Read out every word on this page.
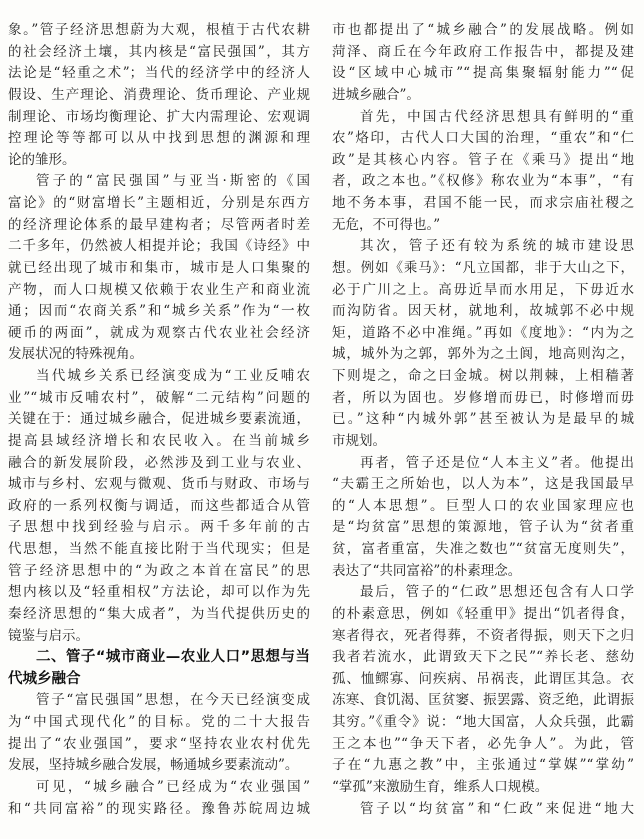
象。”管子经济思想蔚为大观，根植于古代农耕
的社会经济土壤，其内核是“富民强国”，其方
法论是“轻重之术”；当代的经济学中的经济人
假设、生产理论、消费理论、货币理论、产业规
制理论、市场均衡理论、扩大内需理论、宏观调
控理论等等都可以从中找到思想的渊源和理
论的雏形。
管子的“富民强国”与亚当·斯密的《国
富论》的“财富增长”主题相近，分别是东西方
的经济理论体系的最早建构者；尽管两者时差
二千多年，仍然被人相提并论；我国《诗经》中
就已经出现了城市和集市，城市是人口集聚的
产物，而人口规模又依赖于农业生产和商业流
通；因而“农商关系”和“城乡关系”作为“一枚
硬币的两面”，就成为观察古代农业社会经济
发展状况的特殊视角。
当代城乡关系已经演变成为“工业反哺农
业”“城市反哺农村”，破解“二元结构”问题的
关键在于：通过城乡融合，促进城乡要素流通，
提高县域经济增长和农民收入。在当前城乡
融合的新发展阶段，必然涉及到工业与农业、
城市与乡村、宏观与微观、货币与财政、市场与
政府的一系列权衡与调适，而这些都适合从管
子思想中找到经验与启示。两千多年前的古
代思想，当然不能直接比附于当代现实；但是
管子经济思想中的“为政之本首在富民”的思
想内核以及“轻重相权”方法论，却可以作为先
秦经济思想的“集大成者”，为当代提供历史的
镜鉴与启示。
二、管子“城市商业—农业人口”思想与当
代城乡融合
管子“富民强国”思想，在今天已经演变成
为“中国式现代化”的目标。党的二十大报告
提出了“农业强国”，要求“坚持农业农村优先
发展，坚持城乡融合发展，畅通城乡要素流动”。
可见，“城乡融合”已经成为“农业强国”
和“共同富裕”的现实路径。豫鲁苏皖周边城
市也都提出了“城乡融合”的发展战略。例如
菏泽、商丘在今年政府工作报告中，都提及建
设“区域中心城市”“提高集聚辐射能力”“促
进城乡融合”。
首先，中国古代经济思想具有鲜明的“重
农”烙印，古代人口大国的治理，“重农”和“仁
政”是其核心内容。管子在《乘马》提出“地
者，政之本也。”《权修》称农业为“本事”，“有
地不务本事，君国不能一民，而求宗庙社稷之
无危，不可得也。”
其次，管子还有较为系统的城市建设思
想。例如《乘马》：“凡立国都，非于大山之下，
必于广川之上。高毋近旱而水用足，下毋近水
而沟防省。因天材，就地利，故城郭不必中规
矩，道路不必中准绳。”再如《度地》：“内为之
城，城外为之郭，郭外为之土阆，地高则沟之，
下则堤之，命之曰金城。树以荆棘，上相穑著
者，所以为固也。岁修增而毋已，时修增而毋
已。”这种“内城外郭”甚至被认为是最早的城
市规划。
再者，管子还是位“人本主义”者。他提出
“夫霸王之所始也，以人为本”，这是我国最早
的“人本思想”。巨型人口的农业国家理应也
是“均贫富”思想的策源地，管子认为“贫者重
贫，富者重富，失准之数也”“贫富无度则失”，
表达了“共同富裕”的朴素理念。
最后，管子的“仁政”思想还包含有人口学
的朴素意思，例如《轻重甲》提出“饥者得食，
寒者得衣，死者得葬，不资者得振，则天下之归
我者若流水，此谓致天下之民”“养长老、慈幼
孤、恤鳏寡、问疾病、吊祸丧，此谓匡其急。衣
冻寒、食饥渴、匡贫窭、振罢露、资乏绝，此谓振
其穷。”《重令》说：“地大国富，人众兵强，此霸
王之本也”“争天下者，必先争人”。为此，管
子在“九惠之教”中，主张通过“掌媒”“掌幼”
“掌孤”来激励生育，维系人口规模。
管子以“均贫富”和“仁政”来促进“地大
